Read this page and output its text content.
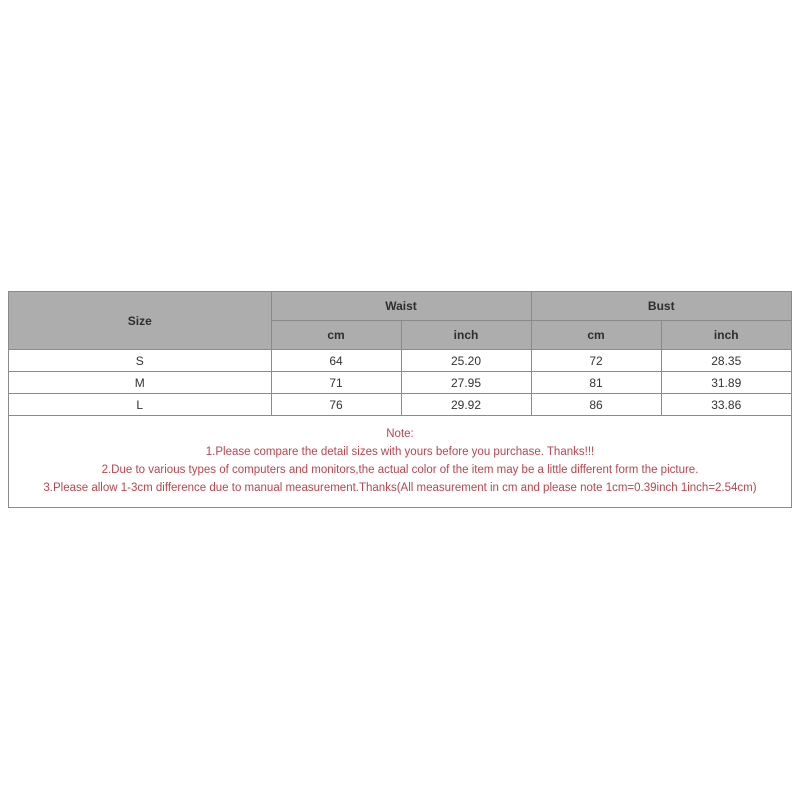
Size	Waist		Bust	
	cm	inch	cm	inch
S	64	25.20	72	28.35
M	71	27.95	81	31.89
L	76	29.92	86	33.86
Note:
1.Please compare the detail sizes with yours before you purchase. Thanks!!!
2.Due to various types of computers and monitors,the actual color of the item may be a little different form the picture.
3.Please allow 1-3cm difference due to manual measurement.Thanks(All measurement in cm and please note 1cm=0.39inch 1inch=2.54cm)
